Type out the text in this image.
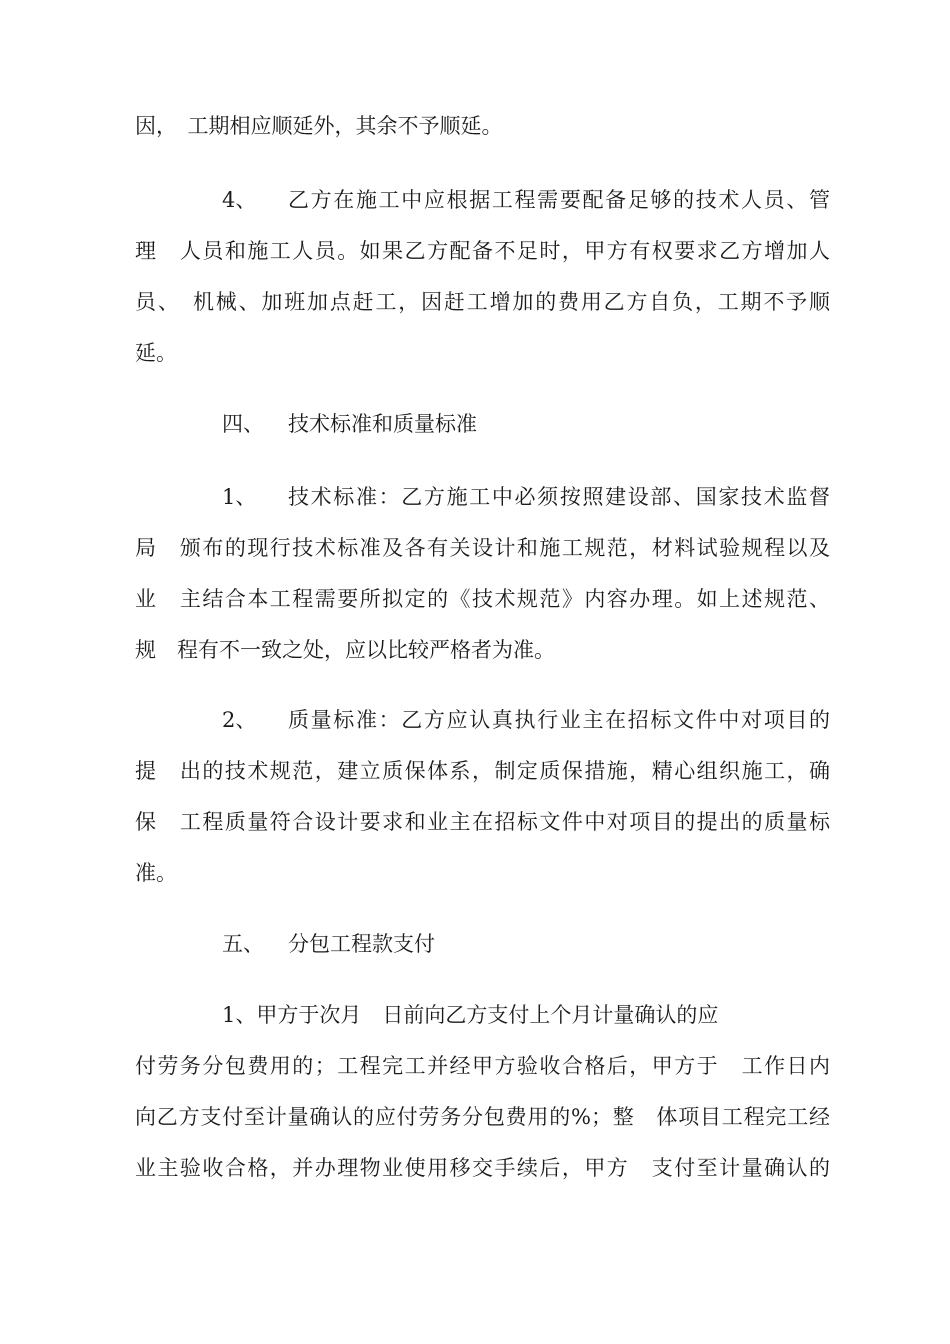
因，　工期相应顺延外，其余不予顺延。
4、 乙方在施工中应根据工程需要配备足够的技术人员、管
理　人员和施工人员。如果乙方配备不足时，甲方有权要求乙方增加人
员、　机械、加班加点赶工，因赶工增加的费用乙方自负，工期不予顺
延。
四、 技术标准和质量标准
1、 技术标准：乙方施工中必须按照建设部、国家技术监督
局　颁布的现行技术标准及各有关设计和施工规范，材料试验规程以及
业　主结合本工程需要所拟定的《技术规范》内容办理。如上述规范、
规　程有不一致之处，应以比较严格者为准。
2、 质量标准：乙方应认真执行业主在招标文件中对项目的
提　出的技术规范，建立质保体系，制定质保措施，精心组织施工，确
保　工程质量符合设计要求和业主在招标文件中对项目的提出的质量标
准。
五、 分包工程款支付
1、甲方于次月　日前向乙方支付上个月计量确认的应
付劳务分包费用的；工程完工并经甲方验收合格后，甲方于　工作日内
向乙方支付至计量确认的应付劳务分包费用的%；整　体项目工程完工经
业主验收合格，并办理物业使用移交手续后，甲方　支付至计量确认的
